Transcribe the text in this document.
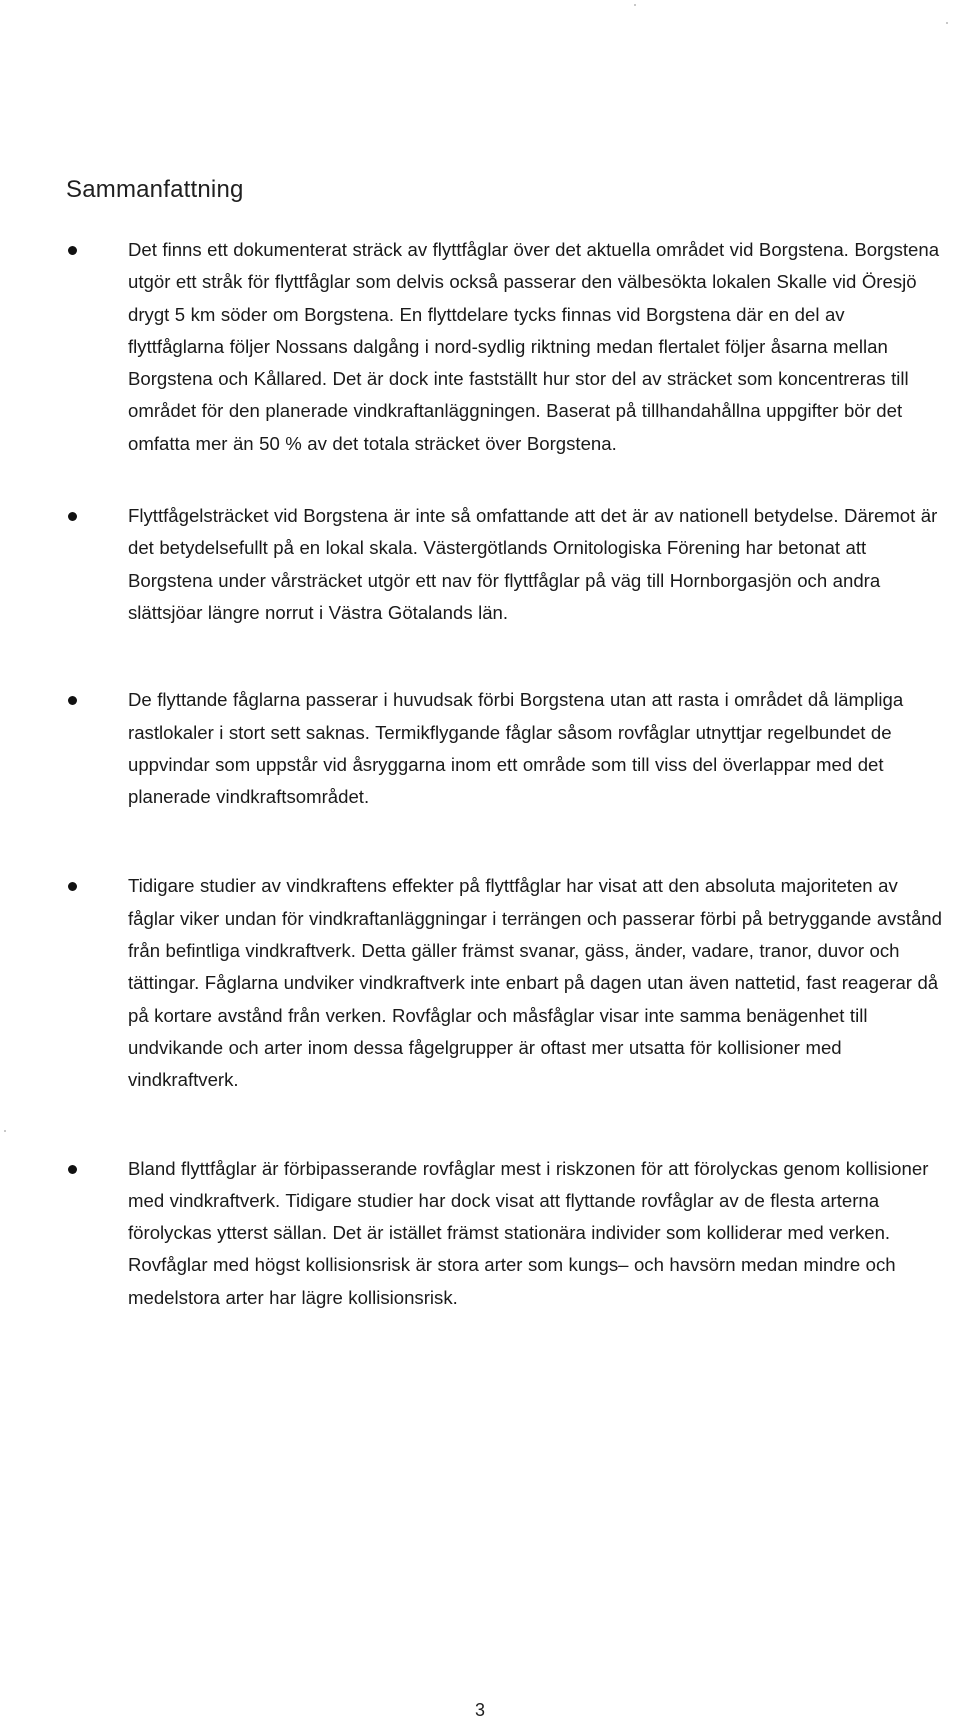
Sammanfattning
Det finns ett dokumenterat sträck av flyttfåglar över det aktuella området vid Borgstena. Borgstena utgör ett stråk för flyttfåglar som delvis också passerar den välbesökta lokalen Skalle vid Öresjö drygt 5 km söder om Borgstena. En flyttdelare tycks finnas vid Borgstena där en del av flyttfåglarna följer Nossans dalgång i nord-sydlig riktning medan flertalet följer åsarna mellan Borgstena och Kållared. Det är dock inte fastställt hur stor del av sträcket som koncentreras till området för den planerade vindkraftanläggningen. Baserat på tillhandahållna uppgifter bör det omfatta mer än 50 % av det totala sträcket över Borgstena.
Flyttfågelsträcket vid Borgstena är inte så omfattande att det är av nationell betydelse. Däremot är det betydelsefullt på en lokal skala. Västergötlands Ornitologiska Förening har betonat att Borgstena under vårsträcket utgör ett nav för flyttfåglar på väg till Hornborgasjön och andra slättsjöar längre norrut i Västra Götalands län.
De flyttande fåglarna passerar i huvudsak förbi Borgstena utan att rasta i området då lämpliga rastlokaler i stort sett saknas. Termikflygande fåglar såsom rovfåglar utnyttjar regelbundet de uppvindar som uppstår vid åsryggarna inom ett område som till viss del överlappar med det planerade vindkraftsområdet.
Tidigare studier av vindkraftens effekter på flyttfåglar har visat att den absoluta majoriteten av fåglar viker undan för vindkraftanläggningar i terrängen och passerar förbi på betryggande avstånd från befintliga vindkraftverk. Detta gäller främst svanar, gäss, änder, vadare, tranor, duvor och tättingar. Fåglarna undviker vindkraftverk inte enbart på dagen utan även nattetid, fast reagerar då på kortare avstånd från verken. Rovfåglar och måsfåglar visar inte samma benägenhet till undvikande och arter inom dessa fågelgrupper är oftast mer utsatta för kollisioner med vindkraftverk.
Bland flyttfåglar är förbipasserande rovfåglar mest i riskzonen för att förolyckas genom kollisioner med vindkraftverk. Tidigare studier har dock visat att flyttande rovfåglar av de flesta arterna förolyckas ytterst sällan. Det är istället främst stationära individer som kolliderar med verken. Rovfåglar med högst kollisionsrisk är stora arter som kungs– och havsörn medan mindre och medelstora arter har lägre kollisionsrisk.
3
